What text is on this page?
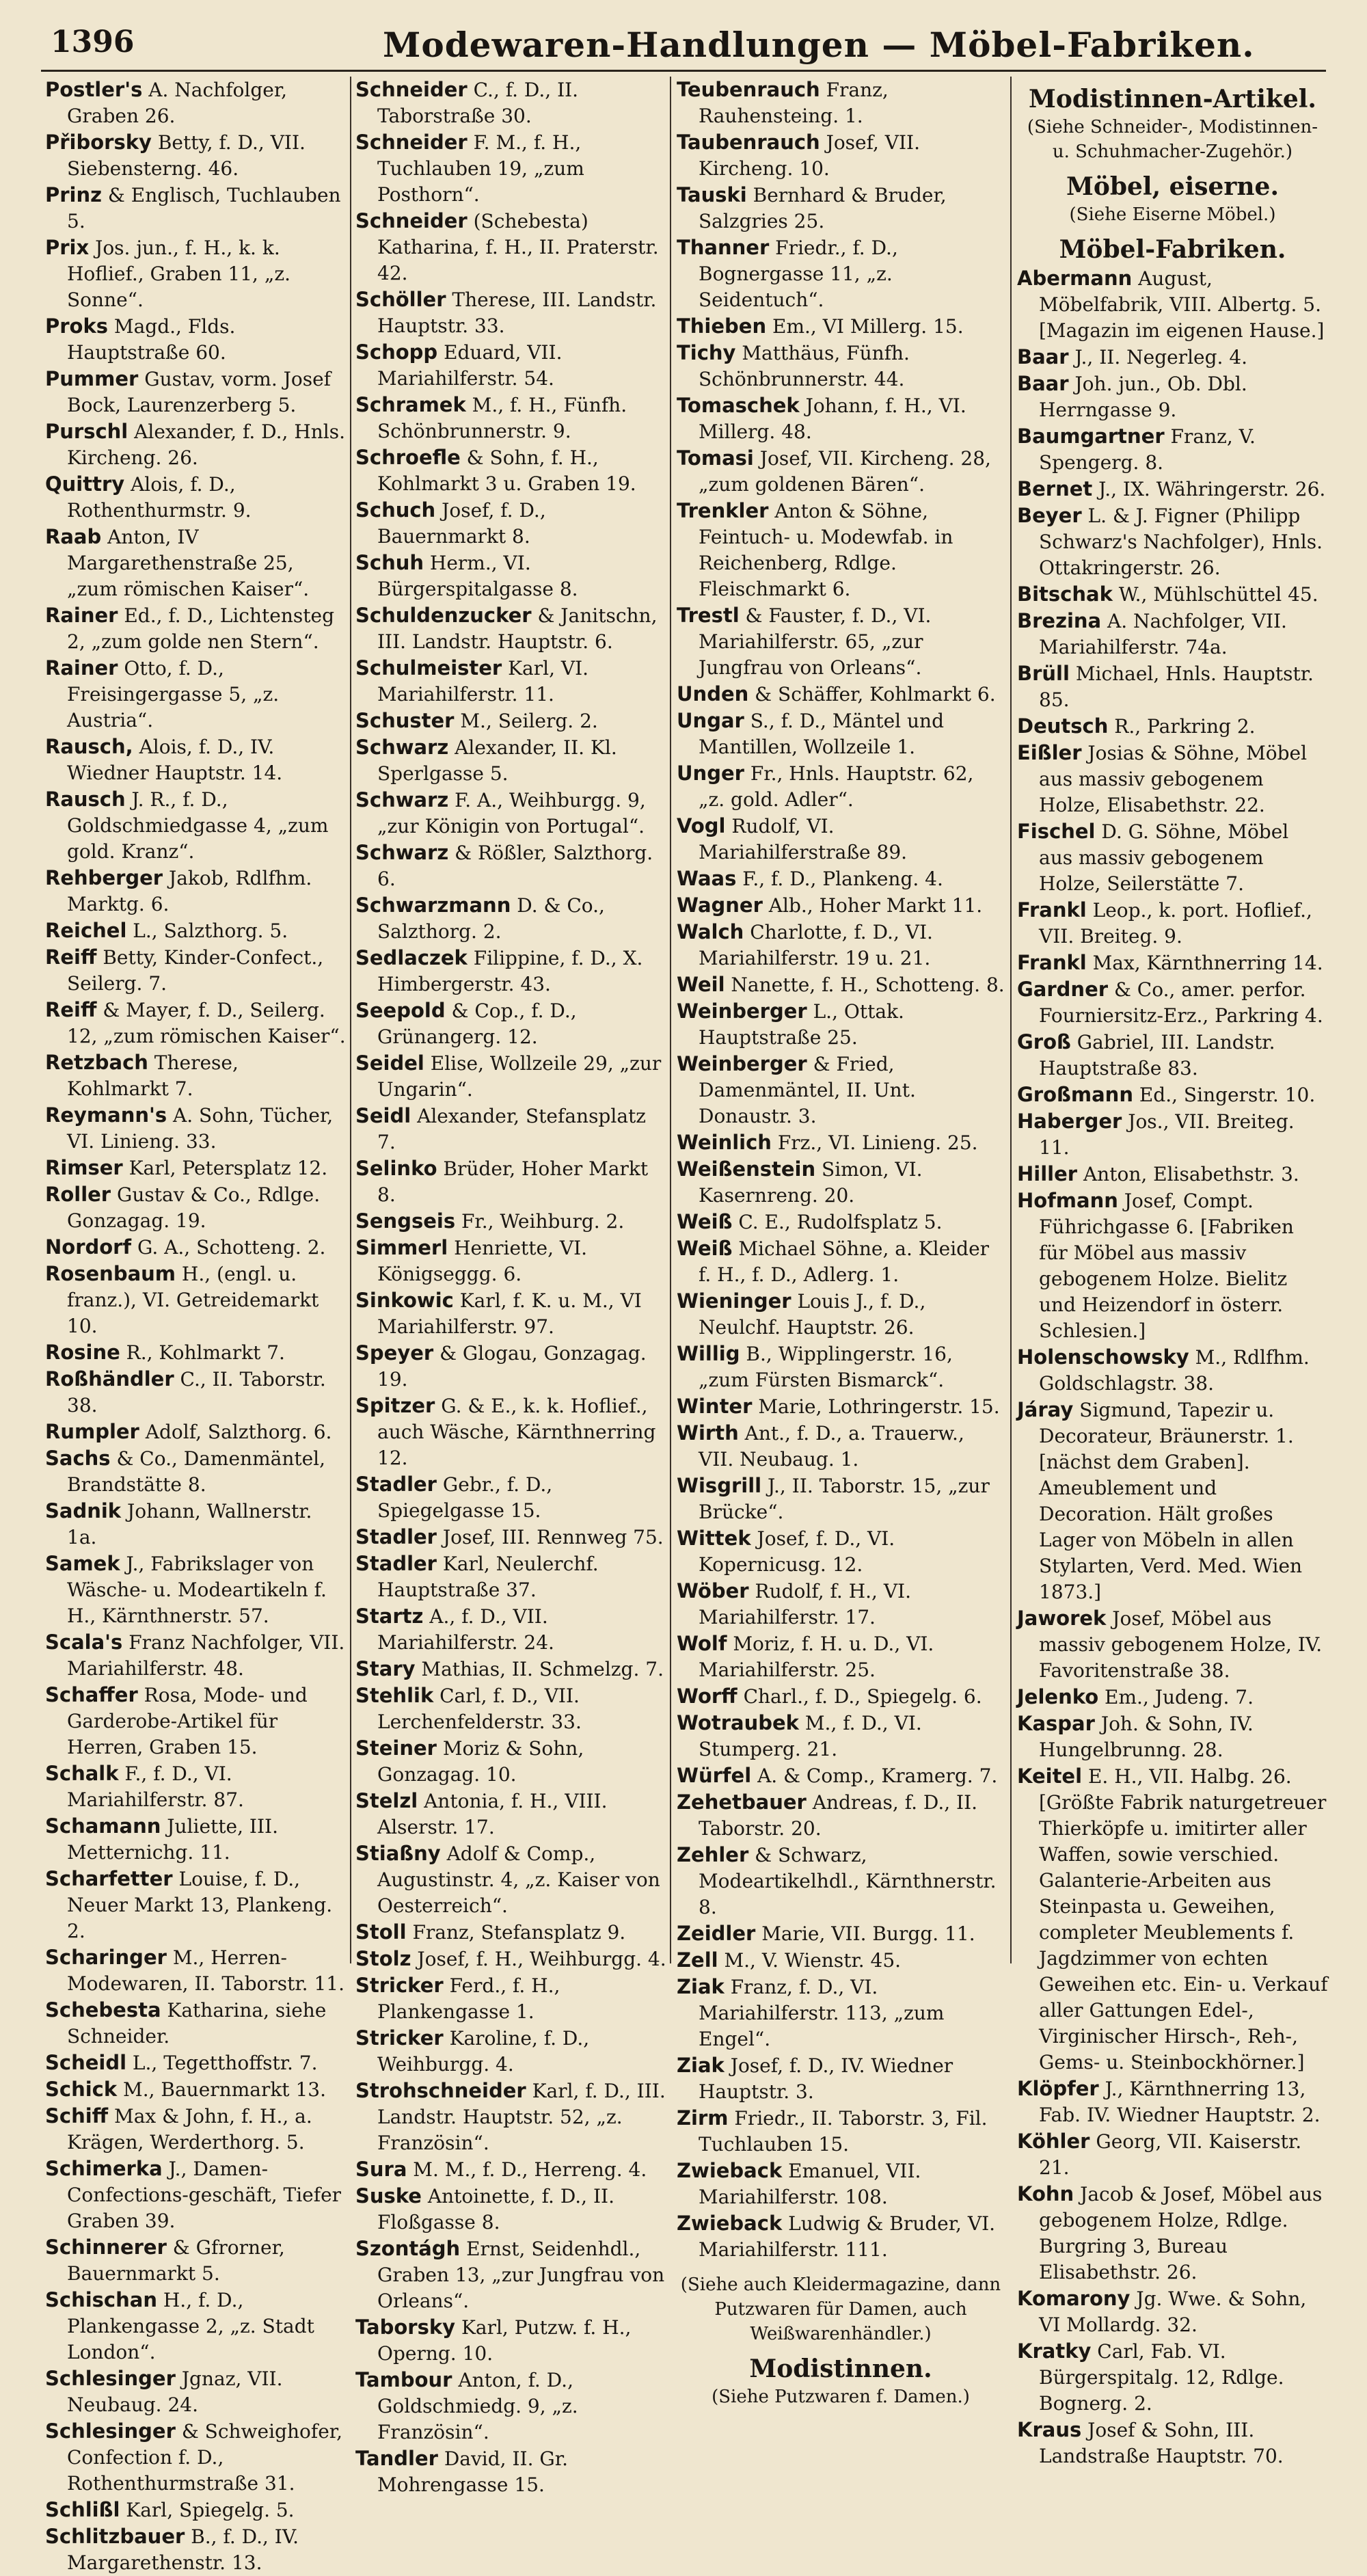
1396	Modewaren-Handlungen — Möbel-Fabriken.
Postler's A. Nachfolger, Graben 26.
Přiborsky Betty, f. D., VII. Siebensterng. 46.
Prinz & Englisch, Tuchlauben 5.
Prix Jos. jun., f. H., k. k. Hoflief., Graben 11, „z. Sonne“.
Proks Magd., Flds. Hauptstraße 60.
Pummer Gustav, vorm. Josef Bock, Laurenzerberg 5.
Purschl Alexander, f. D., Hnls. Kircheng. 26.
Quittry Alois, f. D., Rothenthurmstr. 9.
Raab Anton, IV Margarethenstraße 25, „zum römischen Kaiser“.
Rainer Ed., f. D., Lichtensteg 2, „zum golde nen Stern“.
Rainer Otto, f. D., Freisingergasse 5, „z. Austria“.
Rausch, Alois, f. D., IV. Wiedner Hauptstr. 14.
Rausch J. R., f. D., Goldschmiedgasse 4, „zum gold. Kranz“.
Rehberger Jakob, Rdlfhm. Marktg. 6.
Reichel L., Salzthorg. 5.
Reiff Betty, Kinder-Confect., Seilerg. 7.
Reiff & Mayer, f. D., Seilerg. 12, „zum römischen Kaiser“.
Retzbach Therese, Kohlmarkt 7.
Reymann's A. Sohn, Tücher, VI. Linieng. 33.
Rimser Karl, Petersplatz 12.
Roller Gustav & Co., Rdlge. Gonzagag. 19.
Nordorf G. A., Schotteng. 2.
Rosenbaum H., (engl. u. franz.), VI. Getreidemarkt 10.
Rosine R., Kohlmarkt 7.
Roßhändler C., II. Taborstr. 38.
Rumpler Adolf, Salzthorg. 6.
Sachs & Co., Damenmäntel, Brandstätte 8.
Sadnik Johann, Wallnerstr. 1a.
Samek J., Fabrikslager von Wäsche- u. Modeartikeln f. H., Kärnthnerstr. 57.
Scala's Franz Nachfolger, VII. Mariahilferstr. 48.
Schaffer Rosa, Mode- und Garderobe-Artikel für Herren, Graben 15.
Schalk F., f. D., VI. Mariahilferstr. 87.
Schamann Juliette, III. Metternichg. 11.
Scharfetter Louise, f. D., Neuer Markt 13, Plankeng. 2.
Scharinger M., Herren-Modewaren, II. Taborstr. 11.
Schebesta Katharina, siehe Schneider.
Scheidl L., Tegetthoffstr. 7.
Schick M., Bauernmarkt 13.
Schiff Max & John, f. H., a. Krägen, Werderthorg. 5.
Schimerka J., Damen-Confections-geschäft, Tiefer Graben 39.
Schinnerer & Gfrorner, Bauernmarkt 5.
Schischan H., f. D., Plankengasse 2, „z. Stadt London“.
Schlesinger Jgnaz, VII. Neubaug. 24.
Schlesinger & Schweighofer, Confection f. D., Rothenthurmstraße 31.
Schlißl Karl, Spiegelg. 5.
Schlitzbauer B., f. D., IV. Margarethenstr. 13.
Schneider C., f. D., II. Taborstraße 30.
Schneider F. M., f. H., Tuchlauben 19, „zum Posthorn“.
Schneider (Schebesta) Katharina, f. H., II. Praterstr. 42.
Schöller Therese, III. Landstr. Hauptstr. 33.
Schopp Eduard, VII. Mariahilferstr. 54.
Schramek M., f. H., Fünfh. Schönbrunnerstr. 9.
Schroefle & Sohn, f. H., Kohlmarkt 3 u. Graben 19.
Schuch Josef, f. D., Bauernmarkt 8.
Schuh Herm., VI. Bürgerspitalgasse 8.
Schuldenzucker & Janitschn, III. Landstr. Hauptstr. 6.
Schulmeister Karl, VI. Mariahilferstr. 11.
Schuster M., Seilerg. 2.
Schwarz Alexander, II. Kl. Sperlgasse 5.
Schwarz F. A., Weihburgg. 9, „zur Königin von Portugal“.
Schwarz & Rößler, Salzthorg. 6.
Schwarzmann D. & Co., Salzthorg. 2.
Sedlaczek Filippine, f. D., X. Himbergerstr. 43.
Seepold & Cop., f. D., Grünangerg. 12.
Seidel Elise, Wollzeile 29, „zur Ungarin“.
Seidl Alexander, Stefansplatz 7.
Selinko Brüder, Hoher Markt 8.
Sengseis Fr., Weihburg. 2.
Simmerl Henriette, VI. Königseggg. 6.
Sinkowic Karl, f. K. u. M., VI Mariahilferstr. 97.
Speyer & Glogau, Gonzagag. 19.
Spitzer G. & E., k. k. Hoflief., auch Wäsche, Kärnthnerring 12.
Stadler Gebr., f. D., Spiegelgasse 15.
Stadler Josef, III. Rennweg 75.
Stadler Karl, Neulerchf. Hauptstraße 37.
Startz A., f. D., VII. Mariahilferstr. 24.
Stary Mathias, II. Schmelzg. 7.
Stehlik Carl, f. D., VII. Lerchenfelderstr. 33.
Steiner Moriz & Sohn, Gonzagag. 10.
Stelzl Antonia, f. H., VIII. Alserstr. 17.
Stiaßny Adolf & Comp., Augustinstr. 4, „z. Kaiser von Oesterreich“.
Stoll Franz, Stefansplatz 9.
Stolz Josef, f. H., Weihburgg. 4.
Stricker Ferd., f. H., Plankengasse 1.
Stricker Karoline, f. D., Weihburgg. 4.
Strohschneider Karl, f. D., III. Landstr. Hauptstr. 52, „z. Französin“.
Sura M. M., f. D., Herreng. 4.
Suske Antoinette, f. D., II. Floßgasse 8.
Szontágh Ernst, Seidenhdl., Graben 13, „zur Jungfrau von Orleans“.
Taborsky Karl, Putzw. f. H., Operng. 10.
Tambour Anton, f. D., Goldschmiedg. 9, „z. Französin“.
Tandler David, II. Gr. Mohrengasse 15.
Teubenrauch Franz, Rauhensteing. 1.
Taubenrauch Josef, VII. Kircheng. 10.
Tauski Bernhard & Bruder, Salzgries 25.
Thanner Friedr., f. D., Bognergasse 11, „z. Seidentuch“.
Thieben Em., VI Millerg. 15.
Tichy Matthäus, Fünfh. Schönbrunnerstr. 44.
Tomaschek Johann, f. H., VI. Millerg. 48.
Tomasi Josef, VII. Kircheng. 28, „zum goldenen Bären“.
Trenkler Anton & Söhne, Feintuch- u. Modewfab. in Reichenberg, Rdlge. Fleischmarkt 6.
Trestl & Fauster, f. D., VI. Mariahilferstr. 65, „zur Jungfrau von Orleans“.
Unden & Schäffer, Kohlmarkt 6.
Ungar S., f. D., Mäntel und Mantillen, Wollzeile 1.
Unger Fr., Hnls. Hauptstr. 62, „z. gold. Adler“.
Vogl Rudolf, VI. Mariahilferstraße 89.
Waas F., f. D., Plankeng. 4.
Wagner Alb., Hoher Markt 11.
Walch Charlotte, f. D., VI. Mariahilferstr. 19 u. 21.
Weil Nanette, f. H., Schotteng. 8.
Weinberger L., Ottak. Hauptstraße 25.
Weinberger & Fried, Damenmäntel, II. Unt. Donaustr. 3.
Weinlich Frz., VI. Linieng. 25.
Weißenstein Simon, VI. Kasernreng. 20.
Weiß C. E., Rudolfsplatz 5.
Weiß Michael Söhne, a. Kleider f. H., f. D., Adlerg. 1.
Wieninger Louis J., f. D., Neulchf. Hauptstr. 26.
Willig B., Wipplingerstr. 16, „zum Fürsten Bismarck“.
Winter Marie, Lothringerstr. 15.
Wirth Ant., f. D., a. Trauerw., VII. Neubaug. 1.
Wisgrill J., II. Taborstr. 15, „zur Brücke“.
Wittek Josef, f. D., VI. Kopernicusg. 12.
Wöber Rudolf, f. H., VI. Mariahilferstr. 17.
Wolf Moriz, f. H. u. D., VI. Mariahilferstr. 25.
Worff Charl., f. D., Spiegelg. 6.
Wotraubek M., f. D., VI. Stumperg. 21.
Würfel A. & Comp., Kramerg. 7.
Zehetbauer Andreas, f. D., II. Taborstr. 20.
Zehler & Schwarz, Modeartikelhdl., Kärnthnerstr. 8.
Zeidler Marie, VII. Burgg. 11.
Zell M., V. Wienstr. 45.
Ziak Franz, f. D., VI. Mariahilferstr. 113, „zum Engel“.
Ziak Josef, f. D., IV. Wiedner Hauptstr. 3.
Zirm Friedr., II. Taborstr. 3, Fil. Tuchlauben 15.
Zwieback Emanuel, VII. Mariahilferstr. 108.
Zwieback Ludwig & Bruder, VI. Mariahilferstr. 111.
(Siehe auch Kleidermagazine, dann Putzwaren für Damen, auch Weißwarenhändler.)
Modistinnen.
(Siehe Putzwaren f. Damen.)
Modistinnen-Artikel.
(Siehe Schneider-, Modistinnen- u. Schuhmacher-Zugehör.)
Möbel, eiserne.
(Siehe Eiserne Möbel.)
Möbel-Fabriken.
Abermann August, Möbelfabrik, VIII. Albertg. 5. [Magazin im eigenen Hause.]
Baar J., II. Negerleg. 4.
Baar Joh. jun., Ob. Dbl. Herrngasse 9.
Baumgartner Franz, V. Spengerg. 8.
Bernet J., IX. Währingerstr. 26.
Beyer L. & J. Figner (Philipp Schwarz's Nachfolger), Hnls. Ottakringerstr. 26.
Bitschak W., Mühlschüttel 45.
Brezina A. Nachfolger, VII. Mariahilferstr. 74a.
Brüll Michael, Hnls. Hauptstr. 85.
Deutsch R., Parkring 2.
Eißler Josias & Söhne, Möbel aus massiv gebogenem Holze, Elisabethstr. 22.
Fischel D. G. Söhne, Möbel aus massiv gebogenem Holze, Seilerstätte 7.
Frankl Leop., k. port. Hoflief., VII. Breiteg. 9.
Frankl Max, Kärnthnerring 14.
Gardner & Co., amer. perfor. Fourniersitz-Erz., Parkring 4.
Groß Gabriel, III. Landstr. Hauptstraße 83.
Großmann Ed., Singerstr. 10.
Haberger Jos., VII. Breiteg. 11.
Hiller Anton, Elisabethstr. 3.
Hofmann Josef, Compt. Führichgasse 6. [Fabriken für Möbel aus massiv gebogenem Holze. Bielitz und Heizendorf in österr. Schlesien.]
Holenschowsky M., Rdlfhm. Goldschlagstr. 38.
Járay Sigmund, Tapezir u. Decorateur, Bräunerstr. 1. [nächst dem Graben]. Ameublement und Decoration. Hält großes Lager von Möbeln in allen Stylarten, Verd. Med. Wien 1873.]
Jaworek Josef, Möbel aus massiv gebogenem Holze, IV. Favoritenstraße 38.
Jelenko Em., Judeng. 7.
Kaspar Joh. & Sohn, IV. Hungelbrunng. 28.
Keitel E. H., VII. Halbg. 26. [Größte Fabrik naturgetreuer Thierköpfe u. imitirter aller Waffen, sowie verschied. Galanterie-Arbeiten aus Steinpasta u. Geweihen, completer Meublements f. Jagdzimmer von echten Geweihen etc. Ein- u. Verkauf aller Gattungen Edel-, Virginischer Hirsch-, Reh-, Gems- u. Steinbockhörner.]
Klöpfer J., Kärnthnerring 13, Fab. IV. Wiedner Hauptstr. 2.
Köhler Georg, VII. Kaiserstr. 21.
Kohn Jacob & Josef, Möbel aus gebogenem Holze, Rdlge. Burgring 3, Bureau Elisabethstr. 26.
Komarony Jg. Wwe. & Sohn, VI Mollardg. 32.
Kratky Carl, Fab. VI. Bürgerspitalg. 12, Rdlge. Bognerg. 2.
Kraus Josef & Sohn, III. Landstraße Hauptstr. 70.
